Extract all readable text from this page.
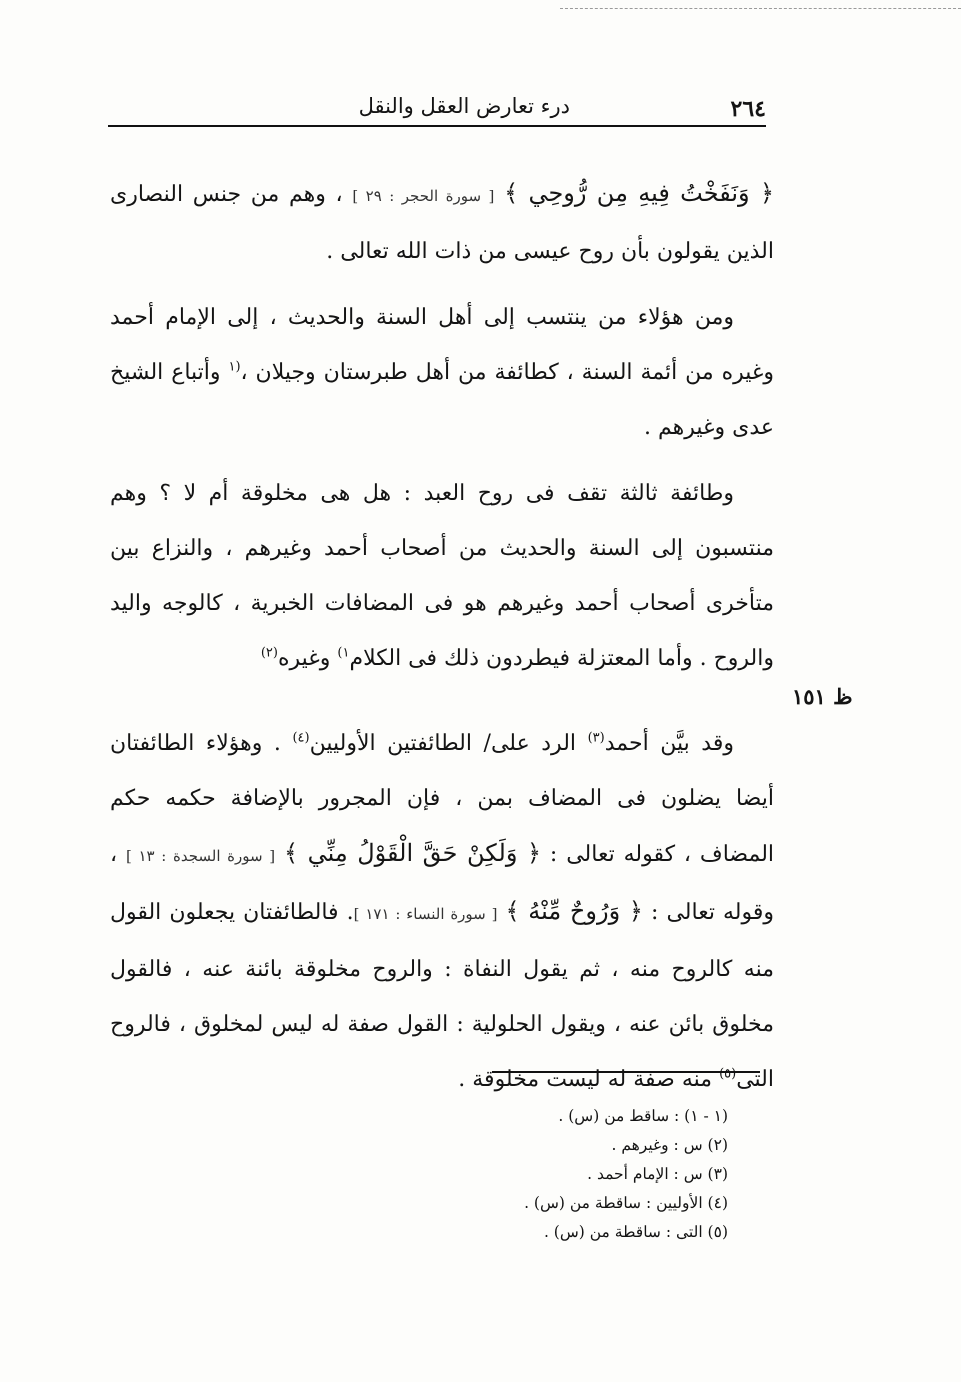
٢٦٤
درء تعارض العقل والنقل
ظ ١٥١

﴿ وَنَفَخْتُ فِيهِ مِن رُّوحِي ﴾ [ سورة الحجر : ٢٩ ] ، وهم من جنس النصارى الذين يقولون بأن روح عيسى من ذات الله تعالى .

ومن هؤلاء من ينتسب إلى أهل السنة والحديث ، إلى الإمام أحمد وغيره من أئمة السنة ، كطائفة من أهل طبرستان وجيلان ،$^{(١}$ وأتباع الشيخ عدى وغيرهم .

وطائفة ثالثة تقف فى روح العبد : هل هى مخلوقة أم لا ؟ وهم منتسبون إلى السنة والحديث من أصحاب أحمد وغيرهم ، والنزاع بين متأخرى أصحاب أحمد وغيرهم هو فى المضافات الخبرية ، كالوجه واليد والروح . وأما المعتزلة فيطردون ذلك فى الكلام$^{١)}$ وغيره$^{(٢)}$

وقد بيَّن أحمد$^{(٣)}$ الرد على/ الطائفتين الأوليين$^{(٤)}$ . وهؤلاء الطائفتان أيضا يضلون فى المضاف بمن ، فإن المجرور بالإضافة حكمه حكم المضاف ، كقوله تعالى : ﴿ وَلَكِنْ حَقَّ الْقَوْلُ مِنِّي ﴾ [ سورة السجدة : ١٣ ] ، وقوله تعالى : ﴿ وَرُوحٌ مِّنْهُ ﴾ [ سورة النساء : ١٧١ ]. فالطائفتان يجعلون القول منه كالروح منه ، ثم يقول النفاة : والروح مخلوقة بائنة عنه ، فالقول مخلوق بائن عنه ، ويقول الحلولية : القول صفة له ليس لمخلوق ، فالروح التى$^{(٥)}$ منه صفة له ليست مخلوقة .

(١ - ١) : ساقط من (س) .
(٢) س : وغيرهم .
(٣) س : الإمام أحمد .
(٤) الأوليين : ساقطة من (س) .
(٥) التى : ساقطة من (س) .
